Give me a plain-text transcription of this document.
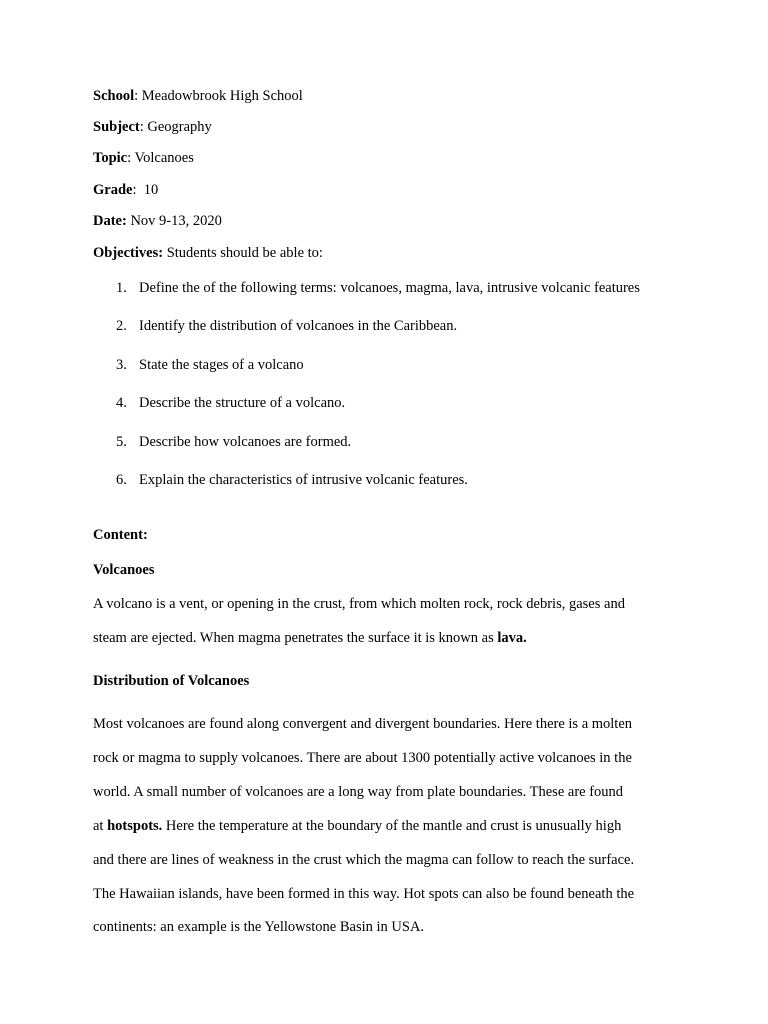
School: Meadowbrook High School
Subject: Geography
Topic: Volcanoes
Grade:  10
Date: Nov 9-13, 2020
Objectives: Students should be able to:
1. Define the of the following terms: volcanoes, magma, lava, intrusive volcanic features
2. Identify the distribution of volcanoes in the Caribbean.
3. State the stages of a volcano
4. Describe the structure of a volcano.
5. Describe how volcanoes are formed.
6. Explain the characteristics of intrusive volcanic features.
Content:
Volcanoes
A volcano is a vent, or opening in the crust, from which molten rock, rock debris, gases and
steam are ejected. When magma penetrates the surface it is known as lava.
Distribution of Volcanoes
Most volcanoes are found along convergent and divergent boundaries. Here there is a molten
rock or magma to supply volcanoes. There are about 1300 potentially active volcanoes in the
world. A small number of volcanoes are a long way from plate boundaries. These are found
at hotspots. Here the temperature at the boundary of the mantle and crust is unusually high
and there are lines of weakness in the crust which the magma can follow to reach the surface.
The Hawaiian islands, have been formed in this way. Hot spots can also be found beneath the
continents: an example is the Yellowstone Basin in USA.
